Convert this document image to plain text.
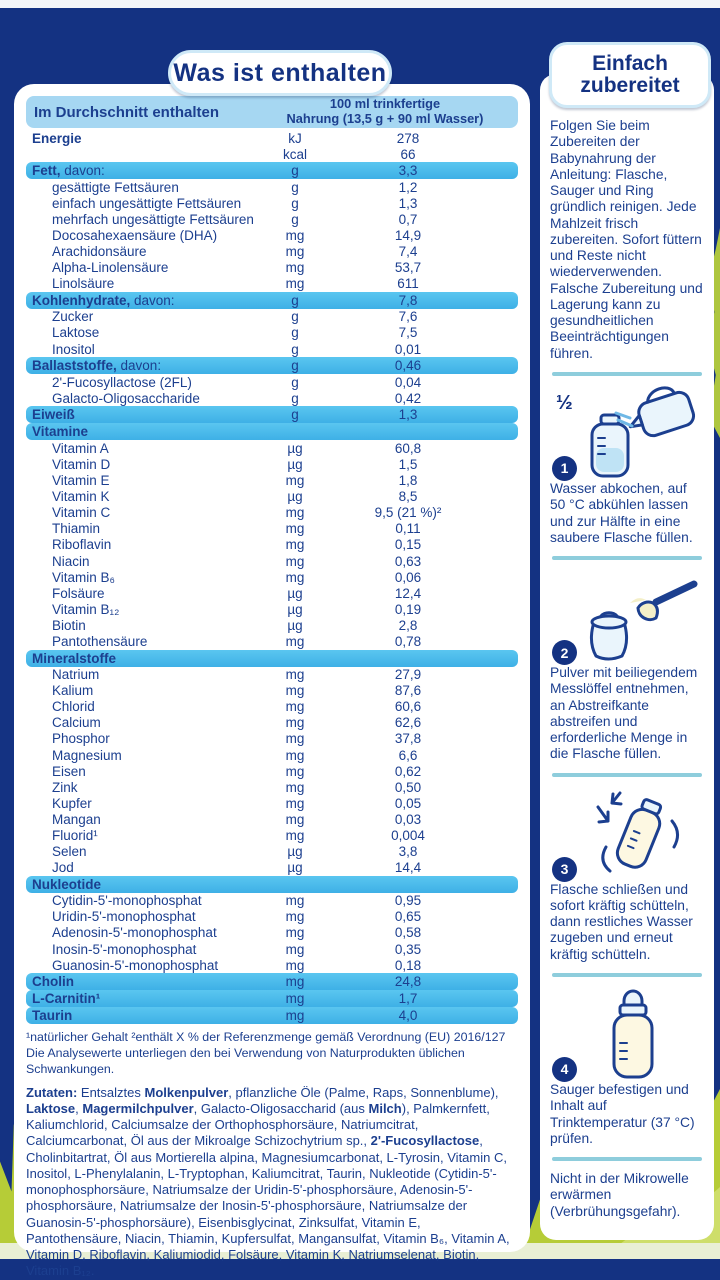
Was ist enthalten	Einfach zubereitet
Im Durchschnitt enthalten	100 ml trinkfertige
Nahrung (13,5 g + 90 ml Wasser)
Energie	kJ	278
kcal	66
Fett, davon:	g	3,3
gesättigte Fettsäuren	g	1,2
einfach ungesättigte Fettsäuren	g	1,3
mehrfach ungesättigte Fettsäuren	g	0,7
Docosahexaensäure (DHA)	mg	14,9
Arachidonsäure	mg	7,4
Alpha-Linolensäure	mg	53,7
Linolsäure	mg	611
Kohlenhydrate, davon:	g	7,8
Zucker	g	7,6
Laktose	g	7,5
Inositol	g	0,01
Ballaststoffe, davon:	g	0,46
2'-Fucosyllactose (2FL)	g	0,04
Galacto-Oligosaccharide	g	0,42
Eiweiß	g	1,3
Vitamine
Vitamin A	µg	60,8
Vitamin D	µg	1,5
Vitamin E	mg	1,8
Vitamin K	µg	8,5
Vitamin C	mg	9,5 (21 %)²
Thiamin	mg	0,11
Riboflavin	mg	0,15
Niacin	mg	0,63
Vitamin B₆	mg	0,06
Folsäure	µg	12,4
Vitamin B₁₂	µg	0,19
Biotin	µg	2,8
Pantothensäure	mg	0,78
Mineralstoffe
Natrium	mg	27,9
Kalium	mg	87,6
Chlorid	mg	60,6
Calcium	mg	62,6
Phosphor	mg	37,8
Magnesium	mg	6,6
Eisen	mg	0,62
Zink	mg	0,50
Kupfer	mg	0,05
Mangan	mg	0,03
Fluorid¹	mg	0,004
Selen	µg	3,8
Jod	µg	14,4
Nukleotide
Cytidin-5'-monophosphat	mg	0,95
Uridin-5'-monophosphat	mg	0,65
Adenosin-5'-monophosphat	mg	0,58
Inosin-5'-monophosphat	mg	0,35
Guanosin-5'-monophosphat	mg	0,18
Cholin	mg	24,8
L-Carnitin¹	mg	1,7
Taurin	mg	4,0
¹natürlicher Gehalt ²enthält X % der Referenzmenge gemäß Verordnung (EU) 2016/127
Die Analysewerte unterliegen den bei Verwendung von Naturprodukten üblichen Schwankungen.
Zutaten: Entsalztes Molkenpulver, pflanzliche Öle (Palme, Raps, Sonnenblume), Laktose, Magermilchpulver, Galacto-Oligosaccharid (aus Milch), Palmkernfett, Kaliumchlorid, Calciumsalze der Orthophosphorsäure, Natriumcitrat, Calciumcarbonat, Öl aus der Mikroalge Schizochytrium sp., 2'-Fucosyllactose, Cholinbitartrat, Öl aus Mortierella alpina, Magnesiumcarbonat, L-Tyrosin, Vitamin C, Inositol, L-Phenylalanin, L-Tryptophan, Kaliumcitrat, Taurin, Nukleotide (Cytidin-5'-monophosphorsäure, Natriumsalze der Uridin-5'-phosphorsäure, Adenosin-5'-phosphorsäure, Natriumsalze der Inosin-5'-phosphorsäure, Natriumsalze der Guanosin-5'-phosphorsäure), Eisenbisglycinat, Zinksulfat, Vitamin E, Pantothensäure, Niacin, Thiamin, Kupfersulfat, Mangansulfat, Vitamin B₆, Vitamin A, Vitamin D, Riboflavin, Kaliumiodid, Folsäure, Vitamin K, Natriumselenat, Biotin, Vitamin B₁₂.

Folgen Sie beim Zubereiten der Babynahrung der Anleitung: Flasche, Sauger und Ring gründlich reinigen. Jede Mahlzeit frisch zubereiten. Sofort füttern und Reste nicht wiederverwenden. Falsche Zubereitung und Lagerung kann zu gesundheitlichen Beeinträchtigungen führen.

½
1

Wasser abkochen, auf 50 °C abkühlen lassen und zur Hälfte in eine saubere Flasche füllen.

2

Pulver mit beiliegendem Messlöffel entnehmen, an Abstreifkante abstreifen und erforderliche Menge in die Flasche füllen.

3

Flasche schließen und sofort kräftig schütteln, dann restliches Wasser zugeben und erneut kräftig schütteln.

4

Sauger befestigen und Inhalt auf Trinktemperatur (37 °C) prüfen.

Nicht in der Mikrowelle erwärmen (Verbrühungsgefahr).
